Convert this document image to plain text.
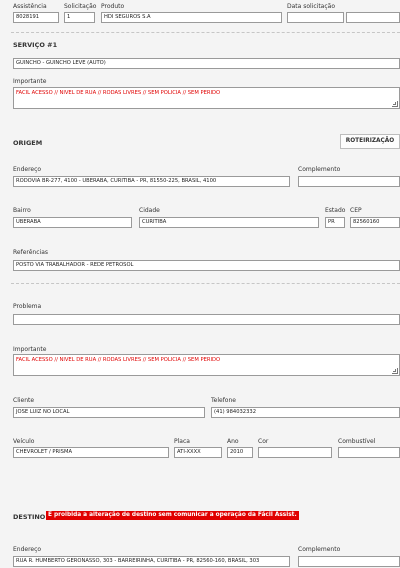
Assistência
8028191
Solicitação
1
Produto
HDI SEGUROS S.A
Data solicitação
SERVIÇO #1
GUINCHO - GUINCHO LEVE (AUTO)
Importante
FACIL ACESSO // NIVEL DE RUA // RODAS LIVRES // SEM POLICIA // SEM PERIDO
ORIGEM	ROTEIRIZAÇÃO
Endereço
RODOVIA BR-277, 4100 - UBERABA, CURITIBA - PR, 81550-225, BRASIL, 4100
Complemento
Bairro
UBERABA
Cidade
CURITIBA
Estado
PR
CEP
82560160
Referências
POSTO VIA TRABALHADOR - REDE PETROSOL
Problema
Importante
FACIL ACESSO // NIVEL DE RUA // RODAS LIVRES // SEM POLICIA // SEM PERIDO
Cliente
JOSE LUIZ NO LOCAL
Telefone
(41) 984032332
Veículo
CHEVROLET / PRISMA
Placa
ATI-XXXX
Ano
2010
Cor	Combustível
DESTINO É proibida a alteração de destino sem comunicar a operação da Fácil Assist.
Endereço
RUA R. HUMBERTO GERONASSO, 303 - BARREIRINHA, CURITIBA - PR, 82560-160, BRASIL, 303
Complemento
